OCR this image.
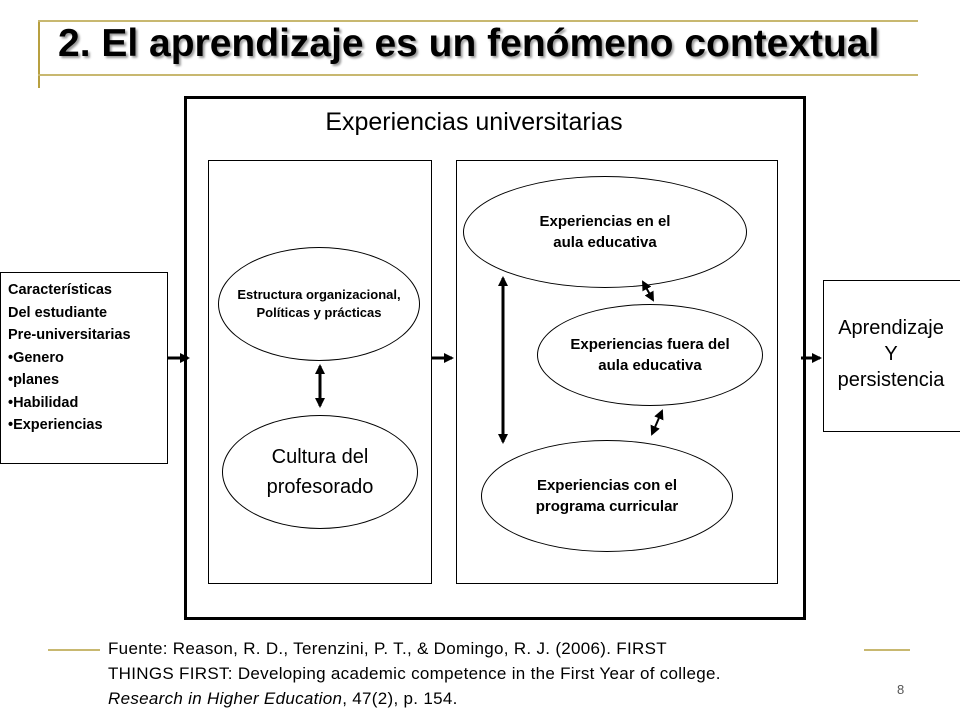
2. El aprendizaje es un fenómeno contextual
Experiencias universitarias
Estructura organizacional,
Políticas y prácticas
Cultura del
profesorado
Experiencias en el
aula educativa
Experiencias fuera del
aula educativa
Experiencias con el
programa curricular
Características
Del estudiante
Pre-universitarias
•Genero
•planes
•Habilidad
•Experiencias
Aprendizaje
Y
persistencia
Fuente: Reason, R. D., Terenzini, P. T., & Domingo, R. J. (2006). FIRST
THINGS FIRST: Developing academic competence in the First Year of college.
Research in Higher Education, 47(2), p. 154.	8
